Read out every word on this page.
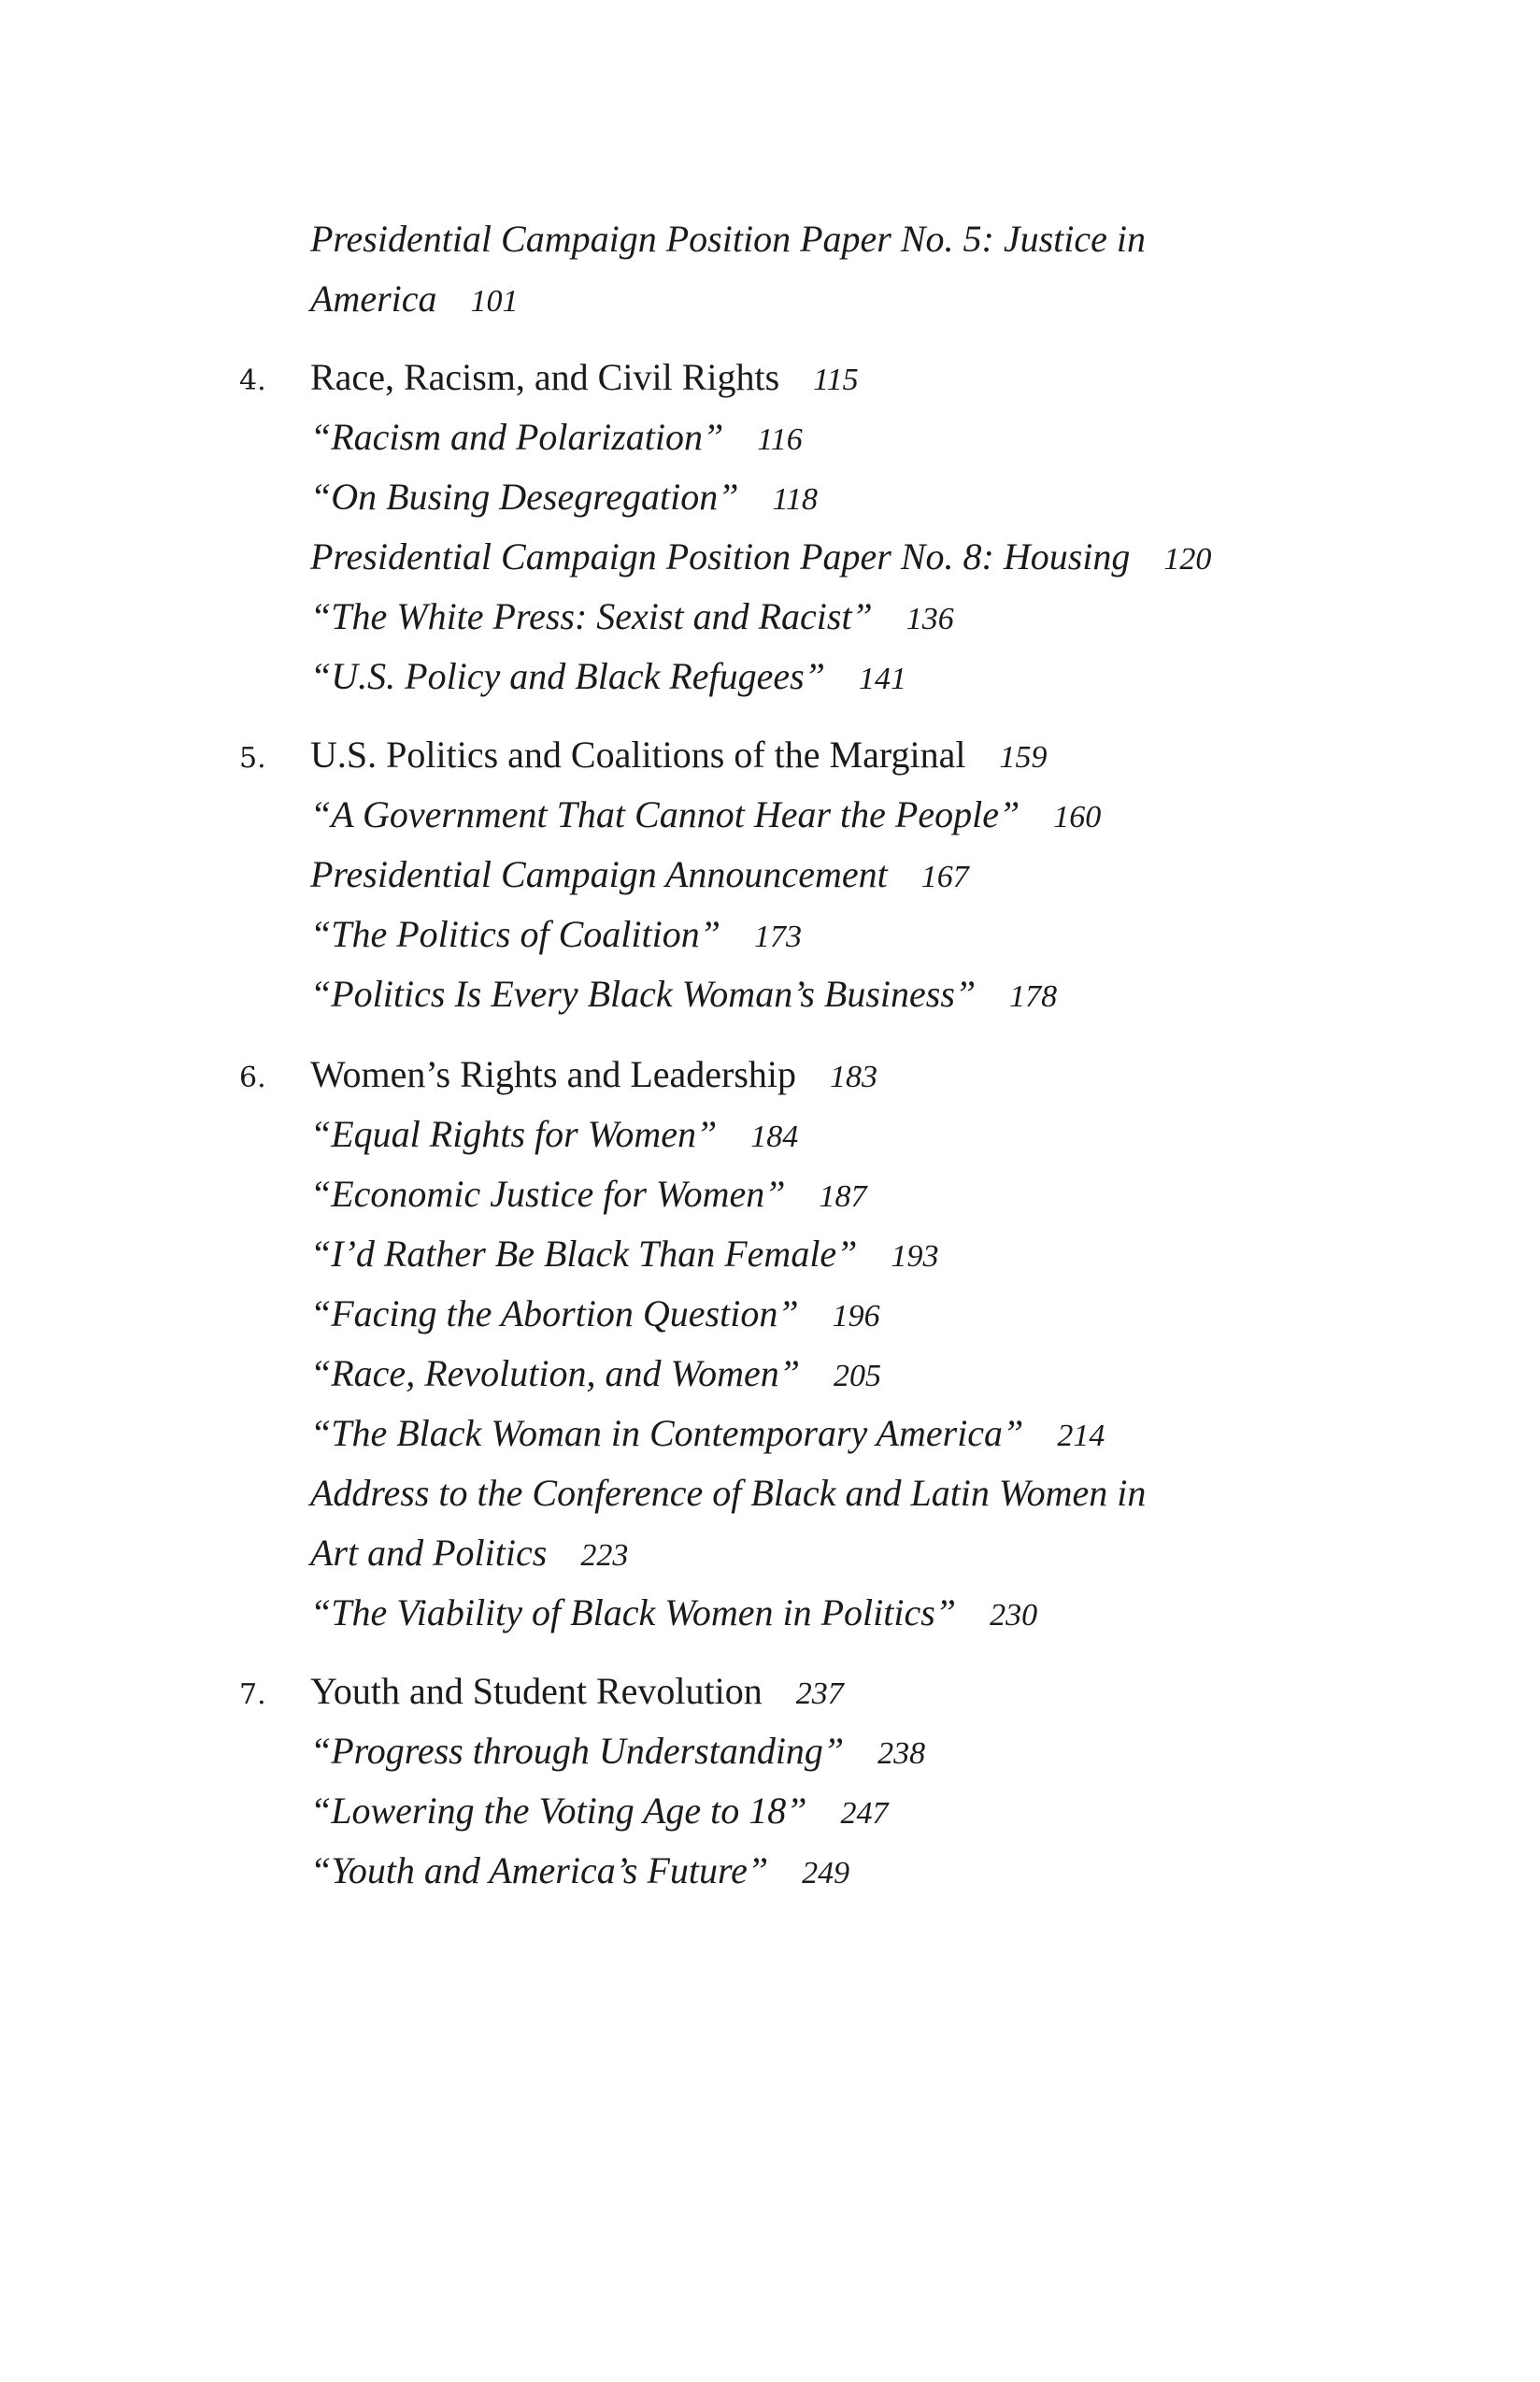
Presidential Campaign Position Paper No. 5: Justice in
America 101
4. Race, Racism, and Civil Rights 115
“Racism and Polarization” 116
“On Busing Desegregation” 118
Presidential Campaign Position Paper No. 8: Housing 120
“The White Press: Sexist and Racist” 136
“U.S. Policy and Black Refugees” 141
5. U.S. Politics and Coalitions of the Marginal 159
“A Government That Cannot Hear the People” 160
Presidential Campaign Announcement 167
“The Politics of Coalition” 173
“Politics Is Every Black Woman’s Business” 178
6. Women’s Rights and Leadership 183
“Equal Rights for Women” 184
“Economic Justice for Women” 187
“I’d Rather Be Black Than Female” 193
“Facing the Abortion Question” 196
“Race, Revolution, and Women” 205
“The Black Woman in Contemporary America” 214
Address to the Conference of Black and Latin Women in
Art and Politics 223
“The Viability of Black Women in Politics” 230
7. Youth and Student Revolution 237
“Progress through Understanding” 238
“Lowering the Voting Age to 18” 247
“Youth and America’s Future” 249
